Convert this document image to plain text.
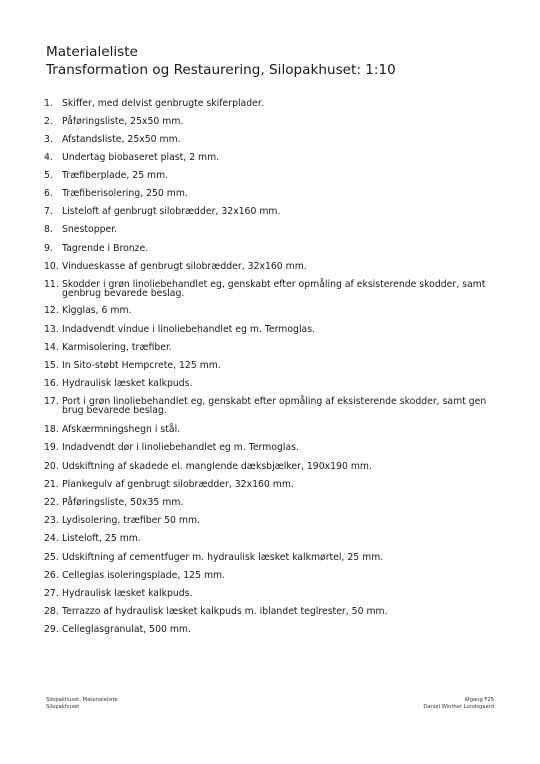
Materialeliste
Transformation og Restaurering, Silopakhuset: 1:10
1. Skiffer, med delvist genbrugte skiferplader.
2. Påføringsliste, 25x50 mm.
3. Afstandsliste, 25x50 mm.
4. Undertag biobaseret plast, 2 mm.
5. Træfiberplade, 25 mm.
6. Træfiberisolering, 250 mm.
7. Listeloft af genbrugt silobrædder, 32x160 mm.
8. Snestopper.
9. Tagrende i Bronze.
10. Vindueskasse af genbrugt silobrædder, 32x160 mm.
11. Skodder i grøn linoliebehandlet eg, genskabt efter opmåling af eksisterende skodder, samt genbrug bevarede beslag.
12. Kigglas, 6 mm.
13. Indadvendt vindue i linoliebehandlet eg m. Termoglas.
14. Karmisolering, træfiber.
15. In Sito-støbt Hempcrete, 125 mm.
16. Hydraulisk læsket kalkpuds.
17. Port i grøn linoliebehandlet eg, genskabt efter opmåling af eksisterende skodder, samt gen brug bevarede beslag.
18. Afskærmningshegn i stål.
19. Indadvendt dør i linoliebehandlet eg m. Termoglas.
20. Udskiftning af skadede el. manglende dæksbjælker, 190x190 mm.
21. Plankegulv af genbrugt silobrædder, 32x160 mm.
22. Påføringsliste, 50x35 mm.
23. Lydisolering, træfiber 50 mm.
24. Listeloft, 25 mm.
25. Udskiftning af cementfuger m. hydraulisk læsket kalkmørtel, 25 mm.
26. Celleglas isoleringsplade, 125 mm.
27. Hydraulisk læsket kalkpuds.
28. Terrazzo af hydraulisk læsket kalkpuds m. iblandet teglrester, 50 mm.
29. Celleglasgranulat, 500 mm.
Silopakhuset, Materialeliste
Silopakhuset
Afgang F25
Daniel Winther Lundsgaard
